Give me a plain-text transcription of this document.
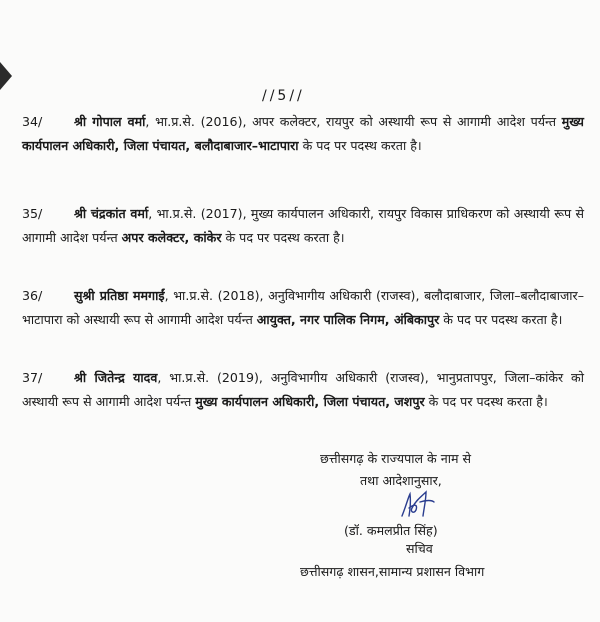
//5//
34/	श्री गोपाल वर्मा, भा.प्र.से. (2016), अपर कलेक्टर, रायपुर को अस्थायी रूप से आगामी आदेश पर्यन्त मुख्य कार्यपालन अधिकारी, जिला पंचायत, बलौदाबाजार–भाटापारा के पद पर पदस्थ करता है।
35/	श्री चंद्रकांत वर्मा, भा.प्र.से. (2017), मुख्य कार्यपालन अधिकारी, रायपुर विकास प्राधिकरण को अस्थायी रूप से आगामी आदेश पर्यन्त अपर कलेक्टर, कांकेर के पद पर पदस्थ करता है।
36/	सुश्री प्रतिष्ठा ममगाईं, भा.प्र.से. (2018), अनुविभागीय अधिकारी (राजस्व), बलौदाबाजार, जिला–बलौदाबाजार–भाटापारा को अस्थायी रूप से आगामी आदेश पर्यन्त आयुक्त, नगर पालिक निगम, अंबिकापुर के पद पर पदस्थ करता है।
37/	श्री जितेन्द्र यादव, भा.प्र.से. (2019), अनुविभागीय अधिकारी (राजस्व), भानुप्रतापपुर, जिला–कांकेर को अस्थायी रूप से आगामी आदेश पर्यन्त मुख्य कार्यपालन अधिकारी, जिला पंचायत, जशपुर के पद पर पदस्थ करता है।
छत्तीसगढ़ के राज्यपाल के नाम से
तथा आदेशानुसार,
(डॉ. कमलप्रीत सिंह)
सचिव
छत्तीसगढ़ शासन,सामान्य प्रशासन विभाग
